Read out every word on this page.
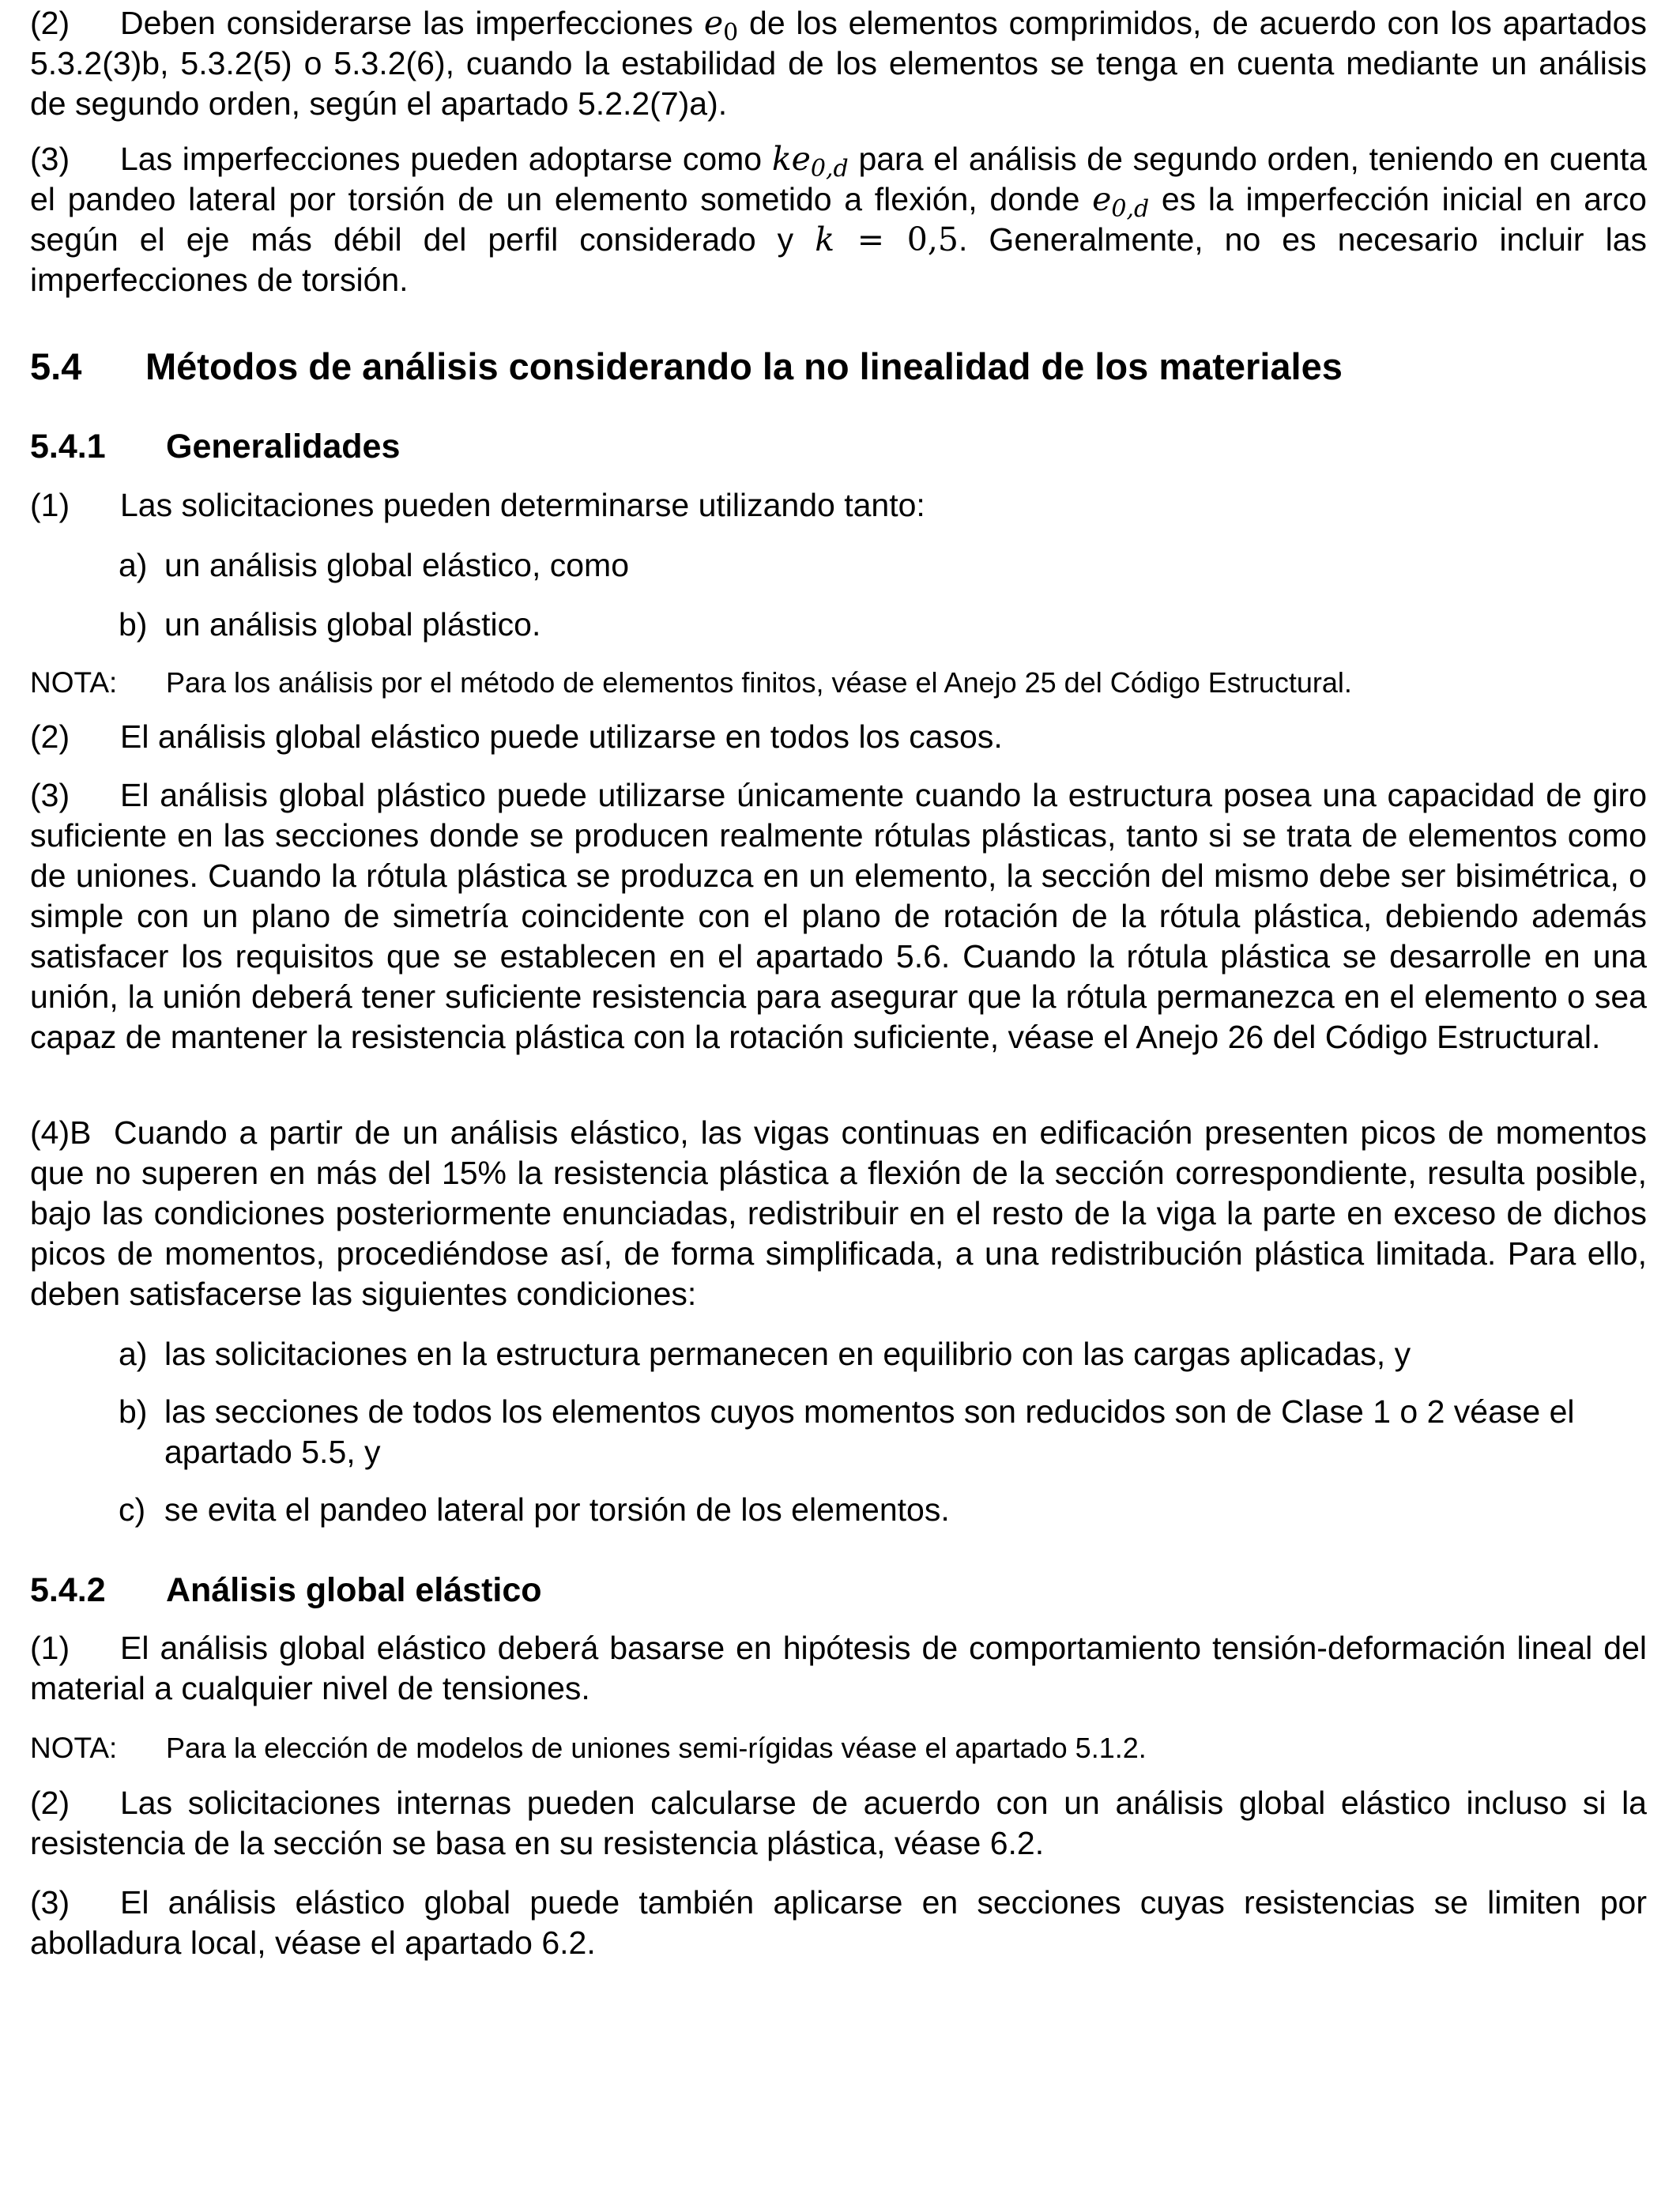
(2) Deben considerarse las imperfecciones $e_0$ de los elementos comprimidos, de acuerdo con los apartados 5.3.2(3)b, 5.3.2(5) o 5.3.2(6), cuando la estabilidad de los elementos se tenga en cuenta mediante un análisis de segundo orden, según el apartado 5.2.2(7)a).

(3) Las imperfecciones pueden adoptarse como $ke_{0,d}$ para el análisis de segundo orden, teniendo en cuenta el pandeo lateral por torsión de un elemento sometido a flexión, donde $e_{0,d}$ es la imperfección inicial en arco según el eje más débil del perfil considerado y k = 0,5. Generalmente, no es necesario incluir las imperfecciones de torsión.

5.4 Métodos de análisis considerando la no linealidad de los materiales
5.4.1 Generalidades

(1) Las solicitaciones pueden determinarse utilizando tanto:

a) un análisis global elástico, como
b) un análisis global plástico.
NOTA:	Para los análisis por el método de elementos finitos, véase el Anejo 25 del Código Estructural.

(2) El análisis global elástico puede utilizarse en todos los casos.

(3) El análisis global plástico puede utilizarse únicamente cuando la estructura posea una capacidad de giro suficiente en las secciones donde se producen realmente rótulas plásticas, tanto si se trata de elementos como de uniones. Cuando la rótula plástica se produzca en un elemento, la sección del mismo debe ser bisimétrica, o simple con un plano de simetría coincidente con el plano de rotación de la rótula plástica, debiendo además satisfacer los requisitos que se establecen en el apartado 5.6. Cuando la rótula plástica se desarrolle en una unión, la unión deberá tener suficiente resistencia para asegurar que la rótula permanezca en el elemento o sea capaz de mantener la resistencia plástica con la rotación suficiente, véase el Anejo 26 del Código Estructural.

(4)B Cuando a partir de un análisis elástico, las vigas continuas en edificación presenten picos de momentos que no superen en más del 15% la resistencia plástica a flexión de la sección correspondiente, resulta posible, bajo las condiciones posteriormente enunciadas, redistribuir en el resto de la viga la parte en exceso de dichos picos de momentos, procediéndose así, de forma simplificada, a una redistribución plástica limitada. Para ello, deben satisfacerse las siguientes condiciones:

a) las solicitaciones en la estructura permanecen en equilibrio con las cargas aplicadas, y
b) las secciones de todos los elementos cuyos momentos son reducidos son de Clase 1 o 2 véase el apartado 5.5, y
c) se evita el pandeo lateral por torsión de los elementos.
5.4.2 Análisis global elástico

(1) El análisis global elástico deberá basarse en hipótesis de comportamiento tensión-deformación lineal del material a cualquier nivel de tensiones.

NOTA:	Para la elección de modelos de uniones semi-rígidas véase el apartado 5.1.2.

(2) Las solicitaciones internas pueden calcularse de acuerdo con un análisis global elástico incluso si la resistencia de la sección se basa en su resistencia plástica, véase 6.2.

(3) El análisis elástico global puede también aplicarse en secciones cuyas resistencias se limiten por abolladura local, véase el apartado 6.2.
